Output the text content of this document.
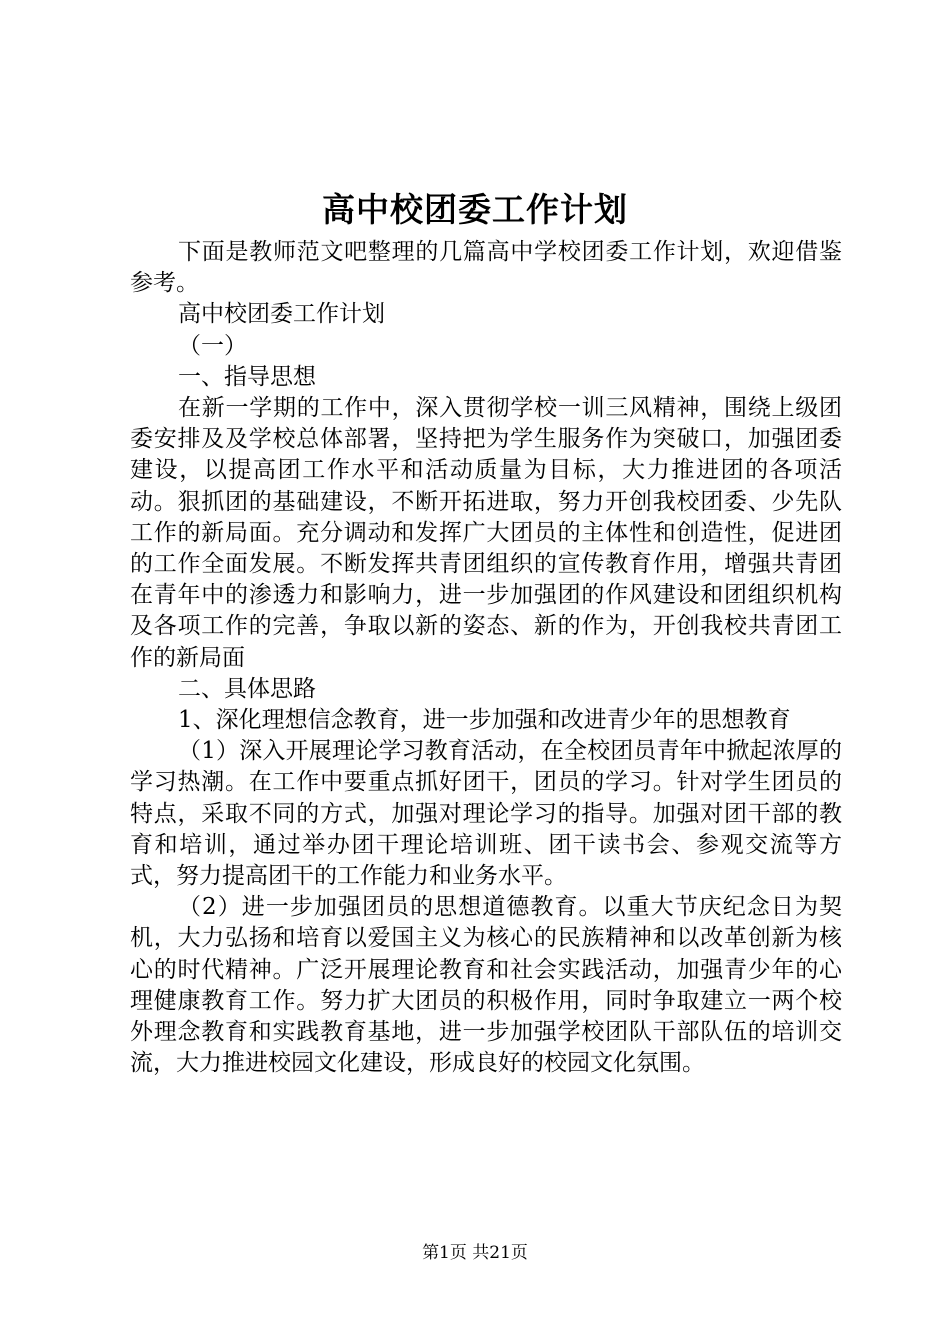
高中校团委工作计划

下面是教师范文吧整理的几篇高中学校团委工作计划，欢迎借鉴参考。

高中校团委工作计划

（一）

一、指导思想

在新一学期的工作中，深入贯彻学校一训三风精神，围绕上级团委安排及及学校总体部署，坚持把为学生服务作为突破口，加强团委建设，以提高团工作水平和活动质量为目标，大力推进团的各项活动。狠抓团的基础建设，不断开拓进取，努力开创我校团委、少先队工作的新局面。充分调动和发挥广大团员的主体性和创造性，促进团的工作全面发展。不断发挥共青团组织的宣传教育作用，增强共青团在青年中的渗透力和影响力，进一步加强团的作风建设和团组织机构及各项工作的完善，争取以新的姿态、新的作为，开创我校共青团工作的新局面

二、具体思路

1、深化理想信念教育，进一步加强和改进青少年的思想教育

（1）深入开展理论学习教育活动，在全校团员青年中掀起浓厚的学习热潮。在工作中要重点抓好团干，团员的学习。针对学生团员的特点，采取不同的方式，加强对理论学习的指导。加强对团干部的教育和培训，通过举办团干理论培训班、团干读书会、参观交流等方式，努力提高团干的工作能力和业务水平。

（2）进一步加强团员的思想道德教育。以重大节庆纪念日为契机，大力弘扬和培育以爱国主义为核心的民族精神和以改革创新为核心的时代精神。广泛开展理论教育和社会实践活动，加强青少年的心理健康教育工作。努力扩大团员的积极作用，同时争取建立一两个校外理念教育和实践教育基地，进一步加强学校团队干部队伍的培训交流，大力推进校园文化建设，形成良好的校园文化氛围。

第1页 共21页
